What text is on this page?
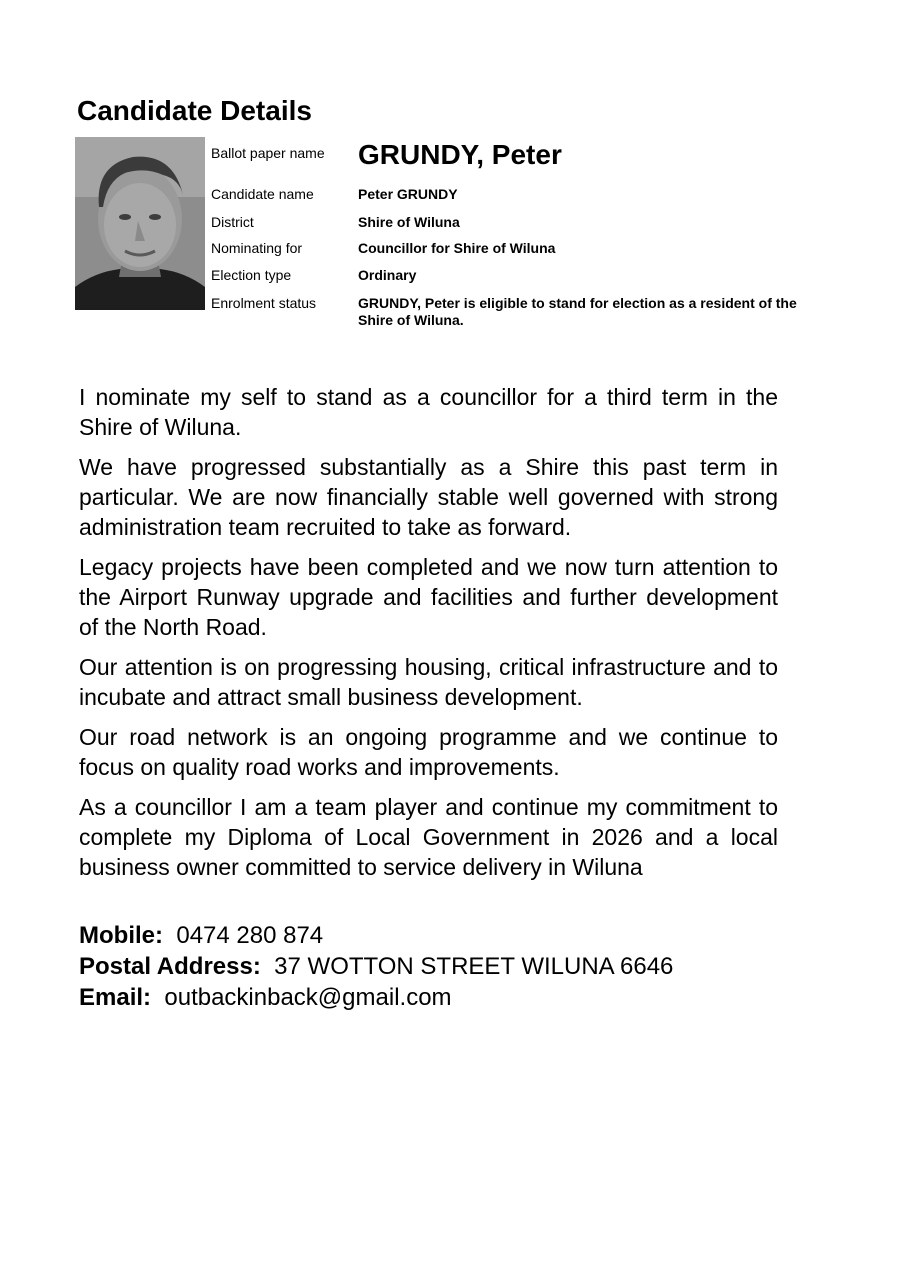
Candidate Details
Ballot paper name	GRUNDY, Peter
Candidate name	Peter GRUNDY
District	Shire of Wiluna
Nominating for	Councillor for Shire of Wiluna
Election type	Ordinary
Enrolment status	GRUNDY, Peter is eligible to stand for election as a resident of the Shire of Wiluna.

I nominate my self to stand as a councillor for a third term in the Shire of Wiluna.

We have progressed substantially as a Shire this past term in particular. We are now financially stable well governed with strong administration team recruited to take as forward.

Legacy projects have been completed and we now turn attention to the Airport Runway upgrade and facilities and further development of the North Road.

Our attention is on progressing housing, critical infrastructure and to incubate and attract small business development.

Our road network is an ongoing programme and we continue to focus on quality road works and improvements.

As a councillor I am a team player and continue my commitment to complete my Diploma of Local Government in 2026 and a local business owner committed to service delivery in Wiluna

Mobile: 0474 280 874
Postal Address: 37 WOTTON STREET WILUNA 6646
Email: outbackinback@gmail.com
